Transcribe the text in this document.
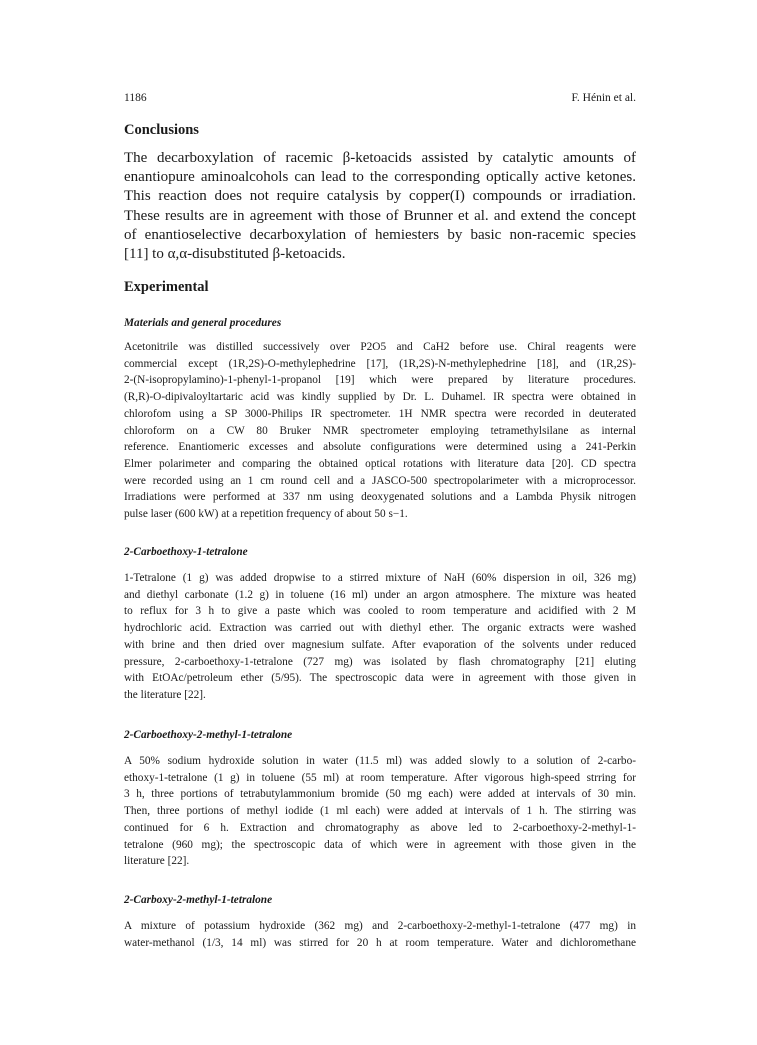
1186	F. Hénin et al.
Conclusions

The decarboxylation of racemic β-ketoacids assisted by catalytic amounts of
enantiopure aminoalcohols can lead to the corresponding optically active ketones.
This reaction does not require catalysis by copper(I) compounds or irradiation.
These results are in agreement with those of Brunner et al. and extend the concept
of enantioselective decarboxylation of hemiesters by basic non-racemic species
[11] to α,α-disubstituted β-ketoacids.

Experimental
Materials and general procedures

Acetonitrile was distilled successively over P2O5 and CaH2 before use. Chiral reagents were
commercial except (1R,2S)-O-methylephedrine [17], (1R,2S)-N-methylephedrine [18], and (1R,2S)-
2-(N-isopropylamino)-1-phenyl-1-propanol [19] which were prepared by literature procedures.
(R,R)-O-dipivaloyltartaric acid was kindly supplied by Dr. L. Duhamel. IR spectra were obtained in
chlorofom using a SP 3000-Philips IR spectrometer. 1H NMR spectra were recorded in deuterated
chloroform on a CW 80 Bruker NMR spectrometer employing tetramethylsilane as internal
reference. Enantiomeric excesses and absolute configurations were determined using a 241-Perkin
Elmer polarimeter and comparing the obtained optical rotations with literature data [20]. CD spectra
were recorded using an 1 cm round cell and a JASCO-500 spectropolarimeter with a microprocessor.
Irradiations were performed at 337 nm using deoxygenated solutions and a Lambda Physik nitrogen
pulse laser (600 kW) at a repetition frequency of about 50 s−1.

2-Carboethoxy-1-tetralone

1-Tetralone (1 g) was added dropwise to a stirred mixture of NaH (60% dispersion in oil, 326 mg)
and diethyl carbonate (1.2 g) in toluene (16 ml) under an argon atmosphere. The mixture was heated
to reflux for 3 h to give a paste which was cooled to room temperature and acidified with 2 M
hydrochloric acid. Extraction was carried out with diethyl ether. The organic extracts were washed
with brine and then dried over magnesium sulfate. After evaporation of the solvents under reduced
pressure, 2-carboethoxy-1-tetralone (727 mg) was isolated by flash chromatography [21] eluting
with EtOAc/petroleum ether (5/95). The spectroscopic data were in agreement with those given in
the literature [22].

2-Carboethoxy-2-methyl-1-tetralone

A 50% sodium hydroxide solution in water (11.5 ml) was added slowly to a solution of 2-carbo-
ethoxy-1-tetralone (1 g) in toluene (55 ml) at room temperature. After vigorous high-speed strring for
3 h, three portions of tetrabutylammonium bromide (50 mg each) were added at intervals of 30 min.
Then, three portions of methyl iodide (1 ml each) were added at intervals of 1 h. The stirring was
continued for 6 h. Extraction and chromatography as above led to 2-carboethoxy-2-methyl-1-
tetralone (960 mg); the spectroscopic data of which were in agreement with those given in the
literature [22].

2-Carboxy-2-methyl-1-tetralone

A mixture of potassium hydroxide (362 mg) and 2-carboethoxy-2-methyl-1-tetralone (477 mg) in
water-methanol (1/3, 14 ml) was stirred for 20 h at room temperature. Water and dichloromethane
